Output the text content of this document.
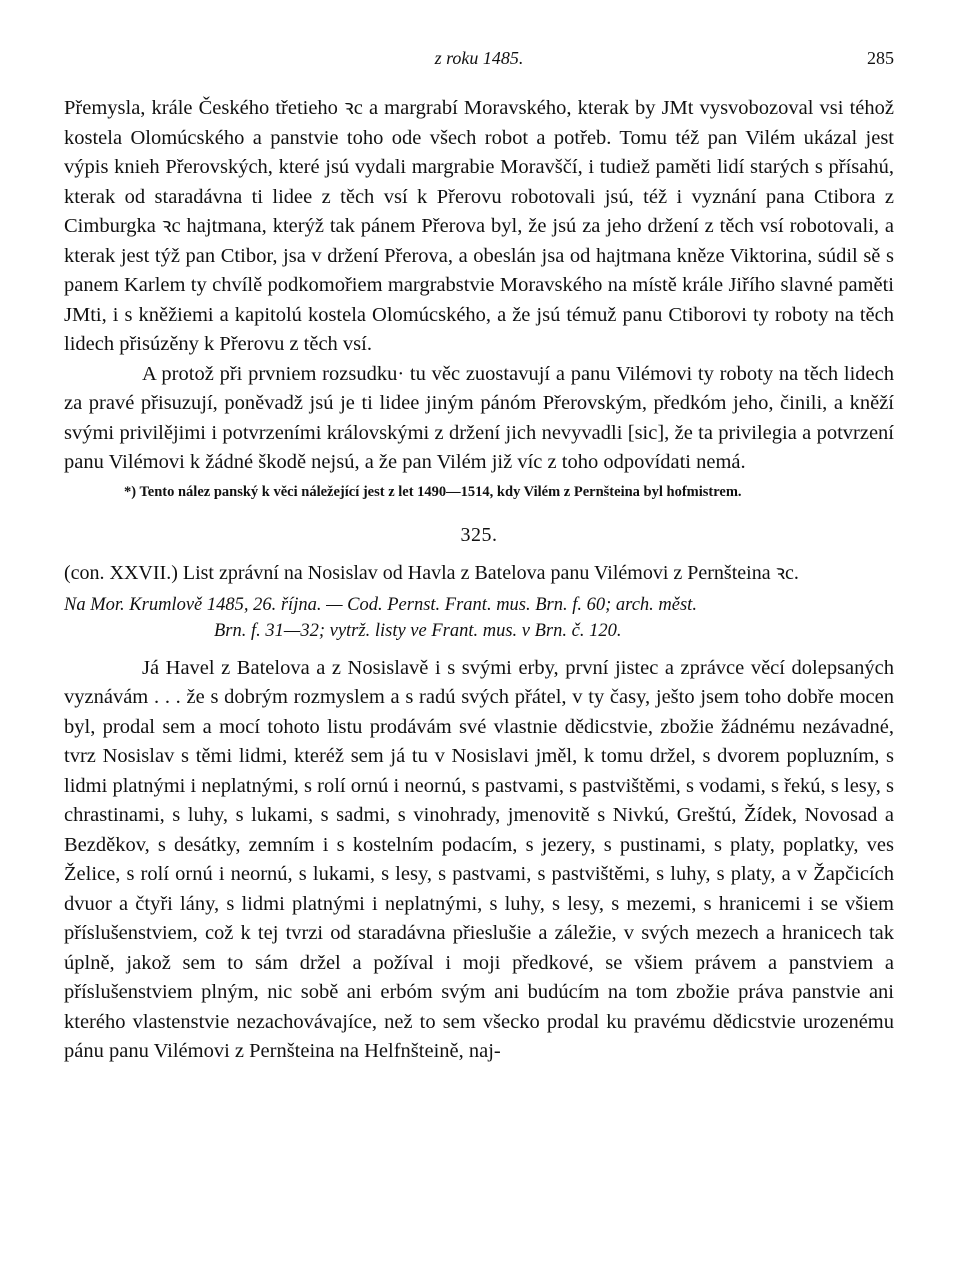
z roku 1485.	285

Přemysla, krále Českého třetieho ꝛc a margrabí Moravského, kterak by JMt vysvobozoval vsi téhož kostela Olomúcského a panstvie toho ode všech robot a potřeb. Tomu též pan Vilém ukázal jest výpis knieh Přerovských, které jsú vydali margrabie Moravščí, i tudiež paměti lidí starých s přísahú, kterak od staradávna ti lidee z těch vsí k Přerovu robotovali jsú, též i vyznání pana Ctibora z Cimburgka ꝛc hajtmana, kterýž tak pánem Přerova byl, že jsú za jeho držení z těch vsí robotovali, a kterak jest týž pan Ctibor, jsa v držení Přerova, a obeslán jsa od hajtmana kněze Viktorina, súdil sě s panem Karlem ty chvílě podkomořiem margrabstvie Moravského na místě krále Jiřího slavné paměti JMti, i s kněžiemi a kapitolú kostela Olomúcského, a že jsú témuž panu Ctiborovi ty roboty na těch lidech přisúzěny k Přerovu z těch vsí.

A protož při prvniem rozsudku· tu věc zuostavují a panu Vilémovi ty roboty na těch lidech za pravé přisuzují, poněvadž jsú je ti lidee jiným pánóm Přerovským, předkóm jeho, činili, a kněží svými privilějimi i potvrzeními královskými z držení jich nevyvadli [sic], že ta privilegia a potvrzení panu Vilémovi k žádné škodě nejsú, a že pan Vilém již víc z toho odpovídati nemá.

*) Tento nález panský k věci náležející jest z let 1490—1514, kdy Vilém z Pernšteina byl hofmistrem.
325.
(con. XXVII.) List zprávní na Nosislav od Havla z Batelova panu Vilémovi z Pernšteina ꝛc.
Na Mor. Krumlově 1485, 26. října. — Cod. Pernst. Frant. mus. Brn. f. 60; arch. měst.
Brn. f. 31—32; vytrž. listy ve Frant. mus. v Brn. č. 120.

Já Havel z Batelova a z Nosislavě i s svými erby, první jistec a zprávce věcí dolepsaných vyznávám . . . že s dobrým rozmyslem a s radú svých přátel, v ty časy, ješto jsem toho dobře mocen byl, prodal sem a mocí tohoto listu prodávám své vlastnie dědicstvie, zbožie žádnému nezávadné, tvrz Nosislav s těmi lidmi, kteréž sem já tu v Nosislavi jměl, k tomu držel, s dvorem popluzním, s lidmi platnými i neplatnými, s rolí ornú i neornú, s pastvami, s pastvištěmi, s vodami, s řekú, s lesy, s chrastinami, s luhy, s lukami, s sadmi, s vinohrady, jmenovitě s Nivkú, Greštú, Žídek, Novosad a Bezděkov, s desátky, zemním i s kostelním podacím, s jezery, s pustinami, s platy, poplatky, ves Želice, s rolí ornú i neornú, s lukami, s lesy, s pastvami, s pastvištěmi, s luhy, s platy, a v Žapčicích dvuor a čtyři lány, s lidmi platnými i neplatnými, s luhy, s lesy, s mezemi, s hranicemi i se všiem příslušenstviem, což k tej tvrzi od staradávna přieslušie a záležie, v svých mezech a hranicech tak úplně, jakož sem to sám držel a požíval i moji předkové, se všiem právem a panstviem a příslušenstviem plným, nic sobě ani erbóm svým ani budúcím na tom zbožie práva panstvie ani kterého vlastenstvie nezachovávajíce, než to sem všecko prodal ku pravému dědicstvie urozenému pánu panu Vilémovi z Pernšteina na Helfnšteině, naj-
